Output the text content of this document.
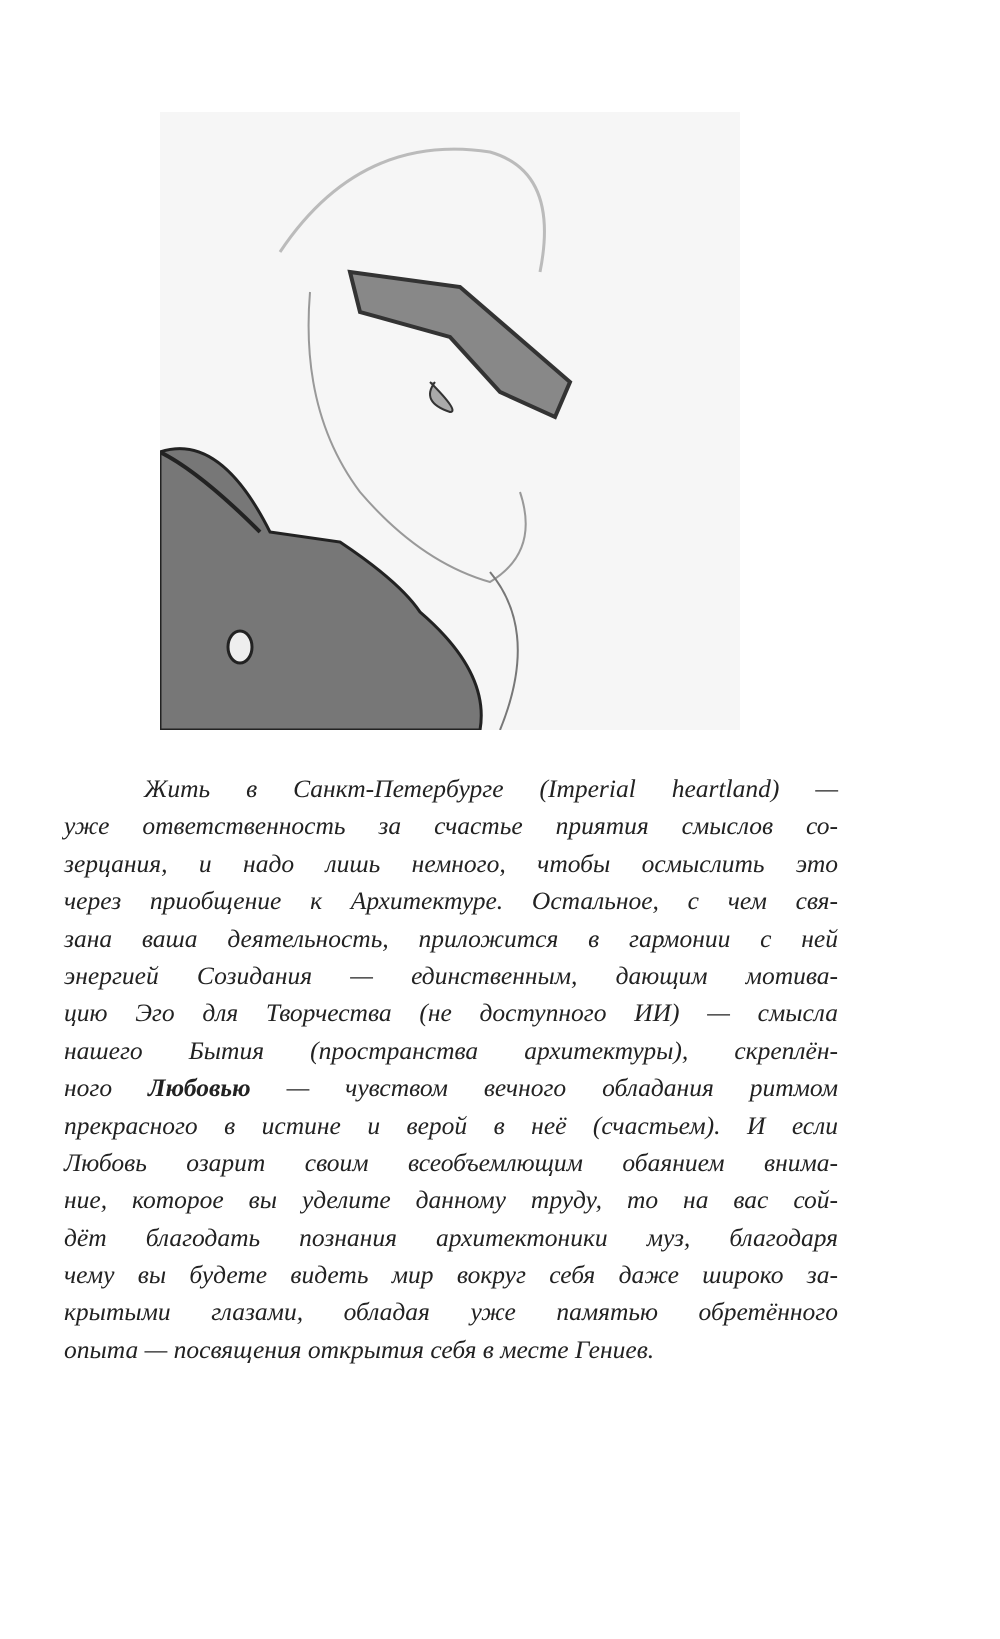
Жить в Санкт-Петербурге (Imperial heartland) —
уже ответственность за счастье приятия смыслов со-
зерцания, и надо лишь немного, чтобы осмыслить это
через приобщение к Архитектуре. Остальное, с чем свя-
зана ваша деятельность, приложится в гармонии с ней
энергией Созидания — единственным, дающим мотива-
цию Эго для Творчества (не доступного ИИ) — смысла
нашего Бытия (пространства архитектуры), скреплён-
ного Любовью — чувством вечного обладания ритмом
прекрасного в истине и верой в неё (счастьем). И если
Любовь озарит своим всеобъемлющим обаянием внима-
ние, которое вы уделите данному труду, то на вас сой-
дёт благодать познания архитектоники муз, благодаря
чему вы будете видеть мир вокруг себя даже широко за-
крытыми глазами, обладая уже памятью обретённого
опыта — посвящения открытия себя в месте Гениев.
